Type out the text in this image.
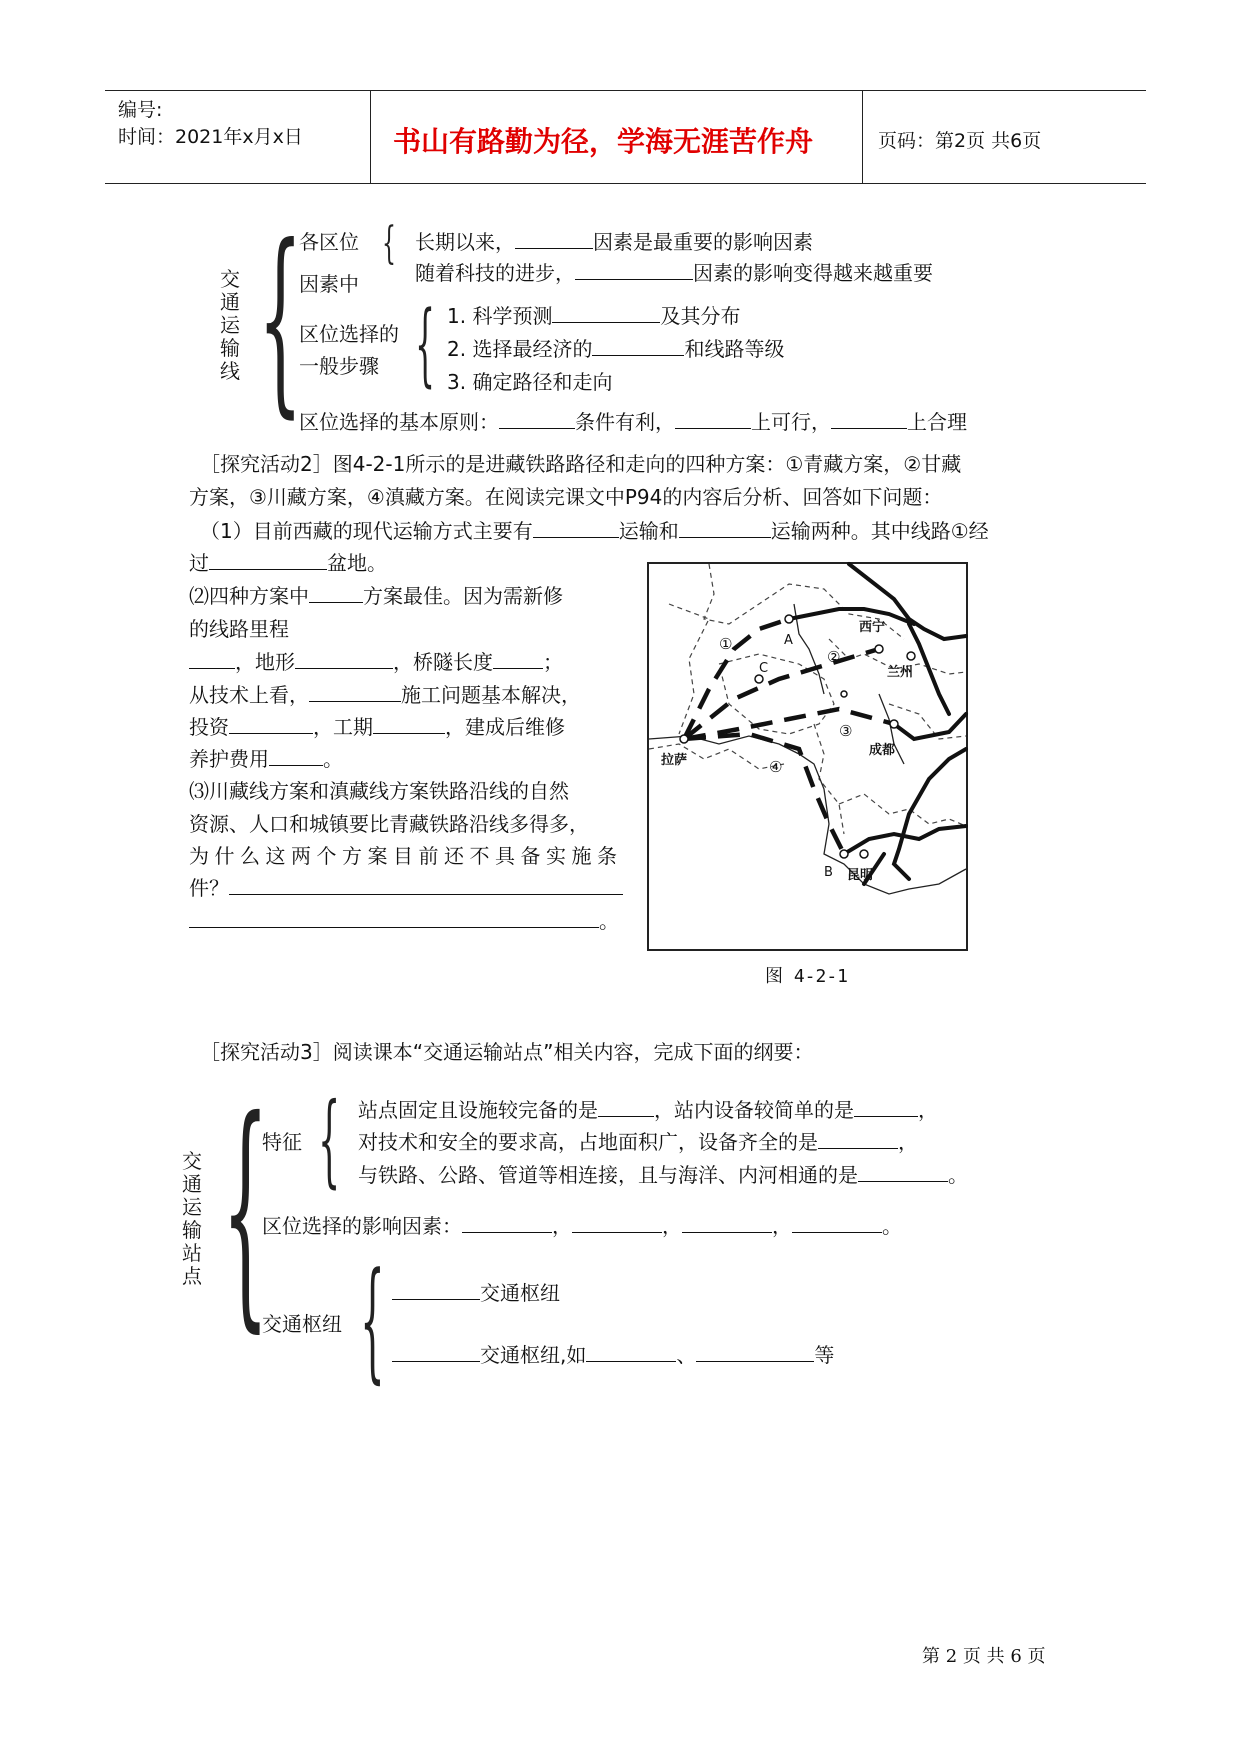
编号:
时间：2021年x月x日	书山有路勤为径，学海无涯苦作舟	页码：第2页 共6页
交通运输线 {
各区位
因素中
{ 长期以来，	因素是最重要的影响因素
随着科技的进步，	因素的影响变得越来越重要
区位选择的
一般步骤 { 1. 科学预测	及其分布
2. 选择最经济的	和线路等级
3. 确定路径和走向
区位选择的基本原则：	条件有利，	上可行，	上合理
［探究活动2］图4-2-1所示的是进藏铁路路径和走向的四种方案：①青藏方案，②甘藏
方案，③川藏方案，④滇藏方案。在阅读完课文中P94的内容后分析、回答如下问题：
（1）目前西藏的现代运输方式主要有	运输和	运输两种。其中线路①经
过	盆地。
⑵四种方案中	方案最佳。因为需新修
的线路里程
，地形	，桥隧长度	；
从技术上看，	施工问题基本解决，
投资	，工期	，建成后维修
养护费用	。
⑶川藏线方案和滇藏线方案铁路沿线的自然
资源、人口和城镇要比青藏铁路沿线多得多，
为什么这两个方案目前还不具备实施条
件？
。
西宁
兰州
成都
拉萨
昆明
A
B
C
①
②
③
④
图 4-2-1
［探究活动3］阅读课本“交通运输站点”相关内容，完成下面的纲要：
交通运输站点 {
特征 { 站点固定且设施较完备的是	，站内设备较简单的是	，
对技术和安全的要求高，占地面积广，设备齐全的是	，
与铁路、公路、管道等相连接，且与海洋、内河相通的是	。
区位选择的影响因素：	，	，	，	。
交通枢纽 {	交通枢纽
交通枢纽,如	、	等
第 2 页 共 6 页
